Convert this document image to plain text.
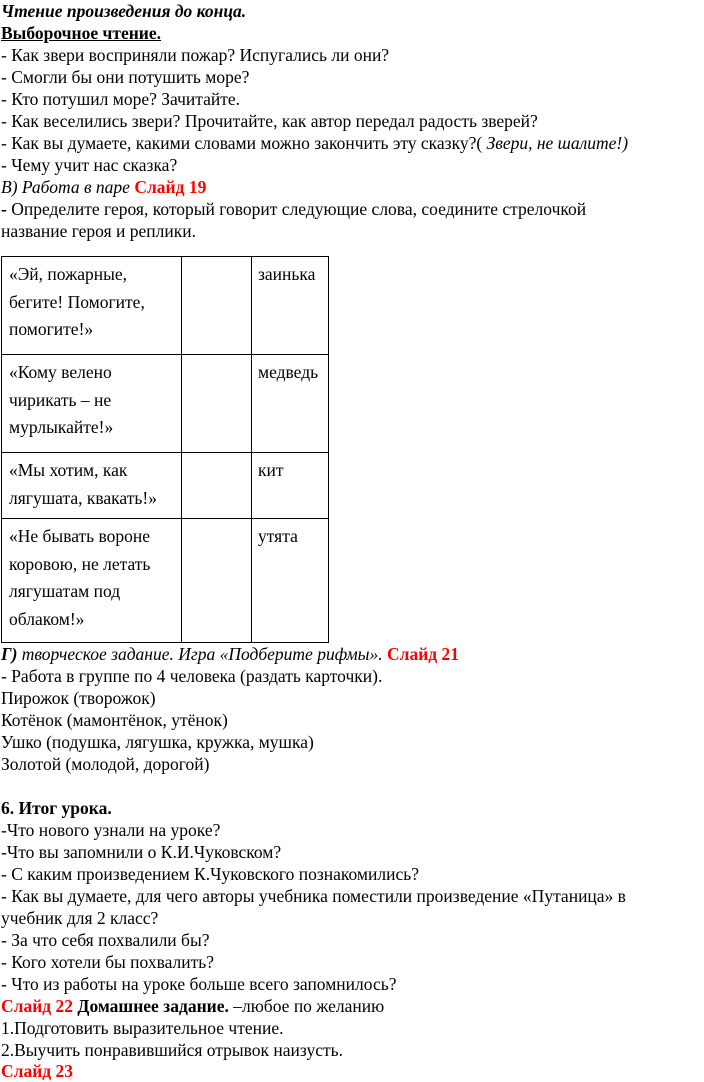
Чтение произведения до конца.
Выборочное чтение.
- Как звери восприняли пожар? Испугались ли они?
- Смогли бы они потушить море?
- Кто потушил море? Зачитайте.
- Как веселились звери? Прочитайте, как автор передал радость зверей?
- Как вы думаете, какими словами можно закончить эту сказку?( Звери, не шалите!)
- Чему учит нас сказка?
В) Работа в паре Слайд 19
- Определите героя, который говорит следующие слова, соедините стрелочкой
название героя и реплики.
«Эй, пожарные,
бегите! Помогите,
помогите!»		заинька

«Кому велено
чирикать – не
мурлыкайте!»		медведь

«Мы хотим, как
лягушата, квакать!»		кит

«Не бывать вороне
коровою, не летать
лягушатам под
облаком!»		утята
Г) творческое задание. Игра «Подберите рифмы». Слайд 21
- Работа в группе по 4 человека (раздать карточки).
Пирожок (творожок)
Котёнок (мамонтёнок, утёнок)
Ушко (подушка, лягушка, кружка, мушка)
Золотой (молодой, дорогой)
6. Итог урока.
-Что нового узнали на уроке?
-Что вы запомнили о К.И.Чуковском?
- С каким произведением К.Чуковского познакомились?
- Как вы думаете, для чего авторы учебника поместили произведение «Путаница» в
учебник для 2 класс?
- За что себя похвалили бы?
- Кого хотели бы похвалить?
- Что из работы на уроке больше всего запомнилось?
Слайд 22 Домашнее задание. –любое по желанию
1.Подготовить выразительное чтение.
2.Выучить понравившийся отрывок наизусть.
Слайд 23
